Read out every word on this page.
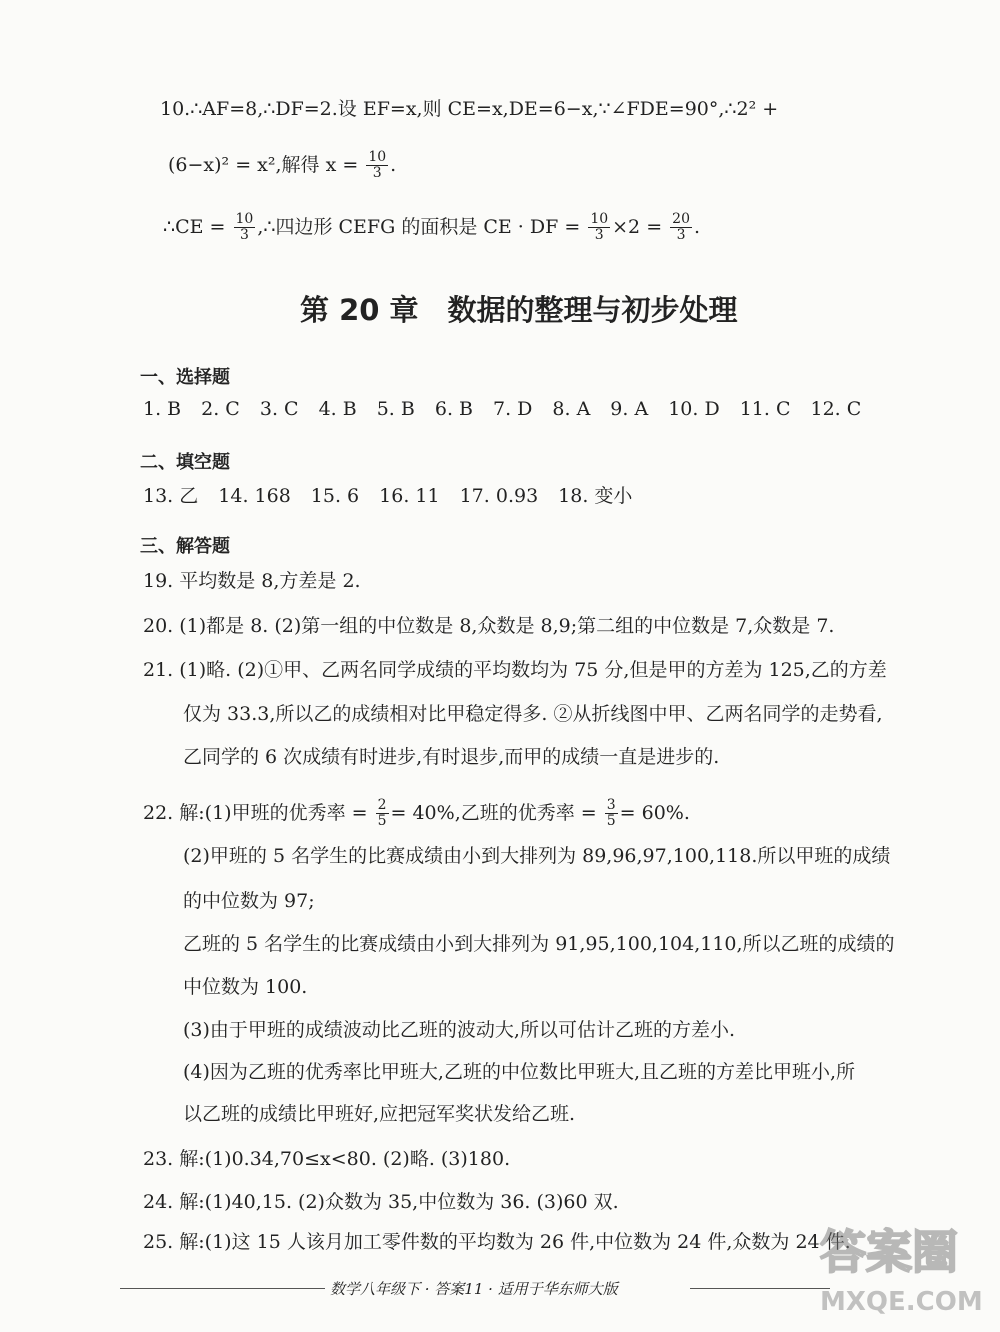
10.∴AF=8,∴DF=2.设 EF=x,则 CE=x,DE=6−x,∵∠FDE=90°,∴2² +
(6−x)² = x²,解得 $x = \frac{10}{3}$ .
∴CE = $\frac{10}{3}$ ,∴四边形 CEFG 的面积是 CE · DF = $\frac{10}{3} \times 2 = \frac{20}{3}$ .
第 20 章　数据的整理与初步处理
一、选择题
1. B 2. C 3. C 4. B 5. B 6. B 7. D 8. A 9. A 10. D 11. C 12. C
二、填空题
13. 乙 14. 168 15. 6 16. 11 17. 0.93 18. 变小
三、解答题
19. 平均数是 8,方差是 2.
20. (1)都是 8. (2)第一组的中位数是 8,众数是 8,9;第二组的中位数是 7,众数是 7.
21. (1)略. (2)①甲、乙两名同学成绩的平均数均为 75 分,但是甲的方差为 125,乙的方差
仅为 33.3,所以乙的成绩相对比甲稳定得多. ②从折线图中甲、乙两名同学的走势看,
乙同学的 6 次成绩有时进步,有时退步,而甲的成绩一直是进步的.
22. 解:(1)甲班的优秀率 = $\frac{2}{5} = 40\%$,乙班的优秀率 = $\frac{3}{5} = 60\%$.
(2)甲班的 5 名学生的比赛成绩由小到大排列为 89,96,97,100,118.所以甲班的成绩
的中位数为 97;
乙班的 5 名学生的比赛成绩由小到大排列为 91,95,100,104,110,所以乙班的成绩的
中位数为 100.
(3)由于甲班的成绩波动比乙班的波动大,所以可估计乙班的方差小.
(4)因为乙班的优秀率比甲班大,乙班的中位数比甲班大,且乙班的方差比甲班小,所
以乙班的成绩比甲班好,应把冠军奖状发给乙班.
23. 解:(1)0.34,70≤x<80. (2)略. (3)180.
24. 解:(1)40,15. (2)众数为 35,中位数为 36. (3)60 双.
25. 解:(1)这 15 人该月加工零件数的平均数为 26 件,中位数为 24 件,众数为 24 件.
数学八年级下 · 答案11 · 适用于华东师大版
答案圈
MXQE.COM
